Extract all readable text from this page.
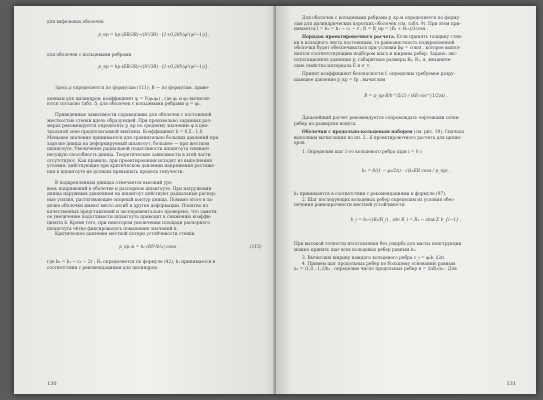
для вафельных оболочек
p_кр = kp·(EB/3R)·√(h⁵/3R) · [1+0,28∜(φ²(ψ²−1))] ;
для оболочек с кольцевыми ребрами
p_кр = kp·(EB/3R)·√(h⁵/3R) · [1+0,28∜(φ²(ψ²−1))] .

Здесь ρ определяется по формулам (111); B — по формулам, приве-

денным для цилиндров; коэффициент ψ = ∜(φ₁φ₂) , где φ₁ и φ₂ вычисля-

ются согласно табл. 5; для оболочек с кольцевыми ребрами φ = φ₂.

Приведенные зависимости справедливы для оболочек с постоянной

жесткостью стенки вдоль образующей. При произвольно заданных раз-

мерах рекомендуется определять p_кр по среднему значению φ в цен-

тральной зоне предполагаемой вмятины. Коэффициент k = 0,5...1,0.

Меньшее значение принимается для сравнительно больших давлений при

заделке днища на деформируемый шпангоут, большее — при жестком

шпангоуте. Увеличение радиальной податливости шпангоута снижает

несущую способность днища. Теоретические зависимости в этой части

отсутствуют. Как правило, при проектировании исходят из выполнения

условия: действующие при критическом давлении напряжения растяже-

ния в шпангоуте не должны превышать предела текучести.

В подкрепленных днищах отмечается высокий уро-

вень напряжений в оболочке и распорном шпангоуте. При нагружении

днища наружным давлением на шпангоут действуют радиальные распор-

ные усилия, растягивающие опорный контур днища. Помимо этого в за-

делке оболочки имеют место изгиб и другие деформации. Понятно из

качественных представлений и экспериментально проверено, что заметн-

ое увеличение податливости шпангоута приводит к снижению коэффи-

циента k. Кроме того, при некотором увеличении площади распорного

шпангоута чётко фиксировалось повышение значений k.

Критическое давление местной потери устойчивости стенки

p_кр.м = k₁·(Eδ²/b²₀) cosα ,	(115)

где b₀ = b₁ − c₁ − 2r ; R₁ определяется по формуле (42); k₁ принимается в

соответствии с рекомендациями для цилиндров.

130

Для оболочек с кольцевыми ребрами p_кр.м определяется по форму-

лам для цилиндрических коротких оболочек (см. табл. 9). При этом при-

нимается l = b₂ = b₁ − c₁ − r ; R = R_пр = (R₁ + R₁₁)/2cosα .

Порядок проектировочного расчета. Если принять толщину стен-

ки в исходного листа постоянным, то равножесткость подкрепленной

оболочки будет обеспечиваться при условии βφ = const , которое выпол-

няется соответствующим подбором шага и ширины ребер. Задано: экс-

плуатационное давление p, габаритные размеры R₀, R₁, α, механиче-

ские свойства материала E и σ_т.

Принят коэффициент безопасности f, определим требуемое разру-

шающее давление p_кр = fp , вычислим

B = p_кр·R/h^(5/2) / (kE·cos^(1/2)α) .

Дальнейший расчет рекомендуется сопровождать чертежами сетки

ребер на развертке конуса.

Оболочки с продольно-кольцевым набором (см. рис. 19). Сначала

выполним вычисления по пп. 2...6 проектировочного расчета для цилин-

дров.

1. Определим шаг 1-го кольцевого ребра (при i = 0 )
b₁ = δ/(1 − φ₁/2π) · √(k₁ER cosα / p_кр) ,

k₁ принимается в соответствии с рекомендациями к формуле (97).

2. Шаг последующих кольцевых ребер определим из условия обес-

печения равнопрочности местной устойчивости

b_i = b₁·√(R₁/R_i) , где R_i = R₁ − sinα·Σ b_{i−1} .

При высокой точности изготовления без ущерба для массы конструкции

можно принять шаг всех кольцевых ребер равным b₁.

3. Вычислим ширину каждого кольцевого ребра c_i = φ₂b_i/2π .

4. Примем шаг продольных ребер по большему основанию равным

a₁ = (1,0...1,2)b₁ , определим число продольных ребер n = 2πR₁/a₁ . Для

131
